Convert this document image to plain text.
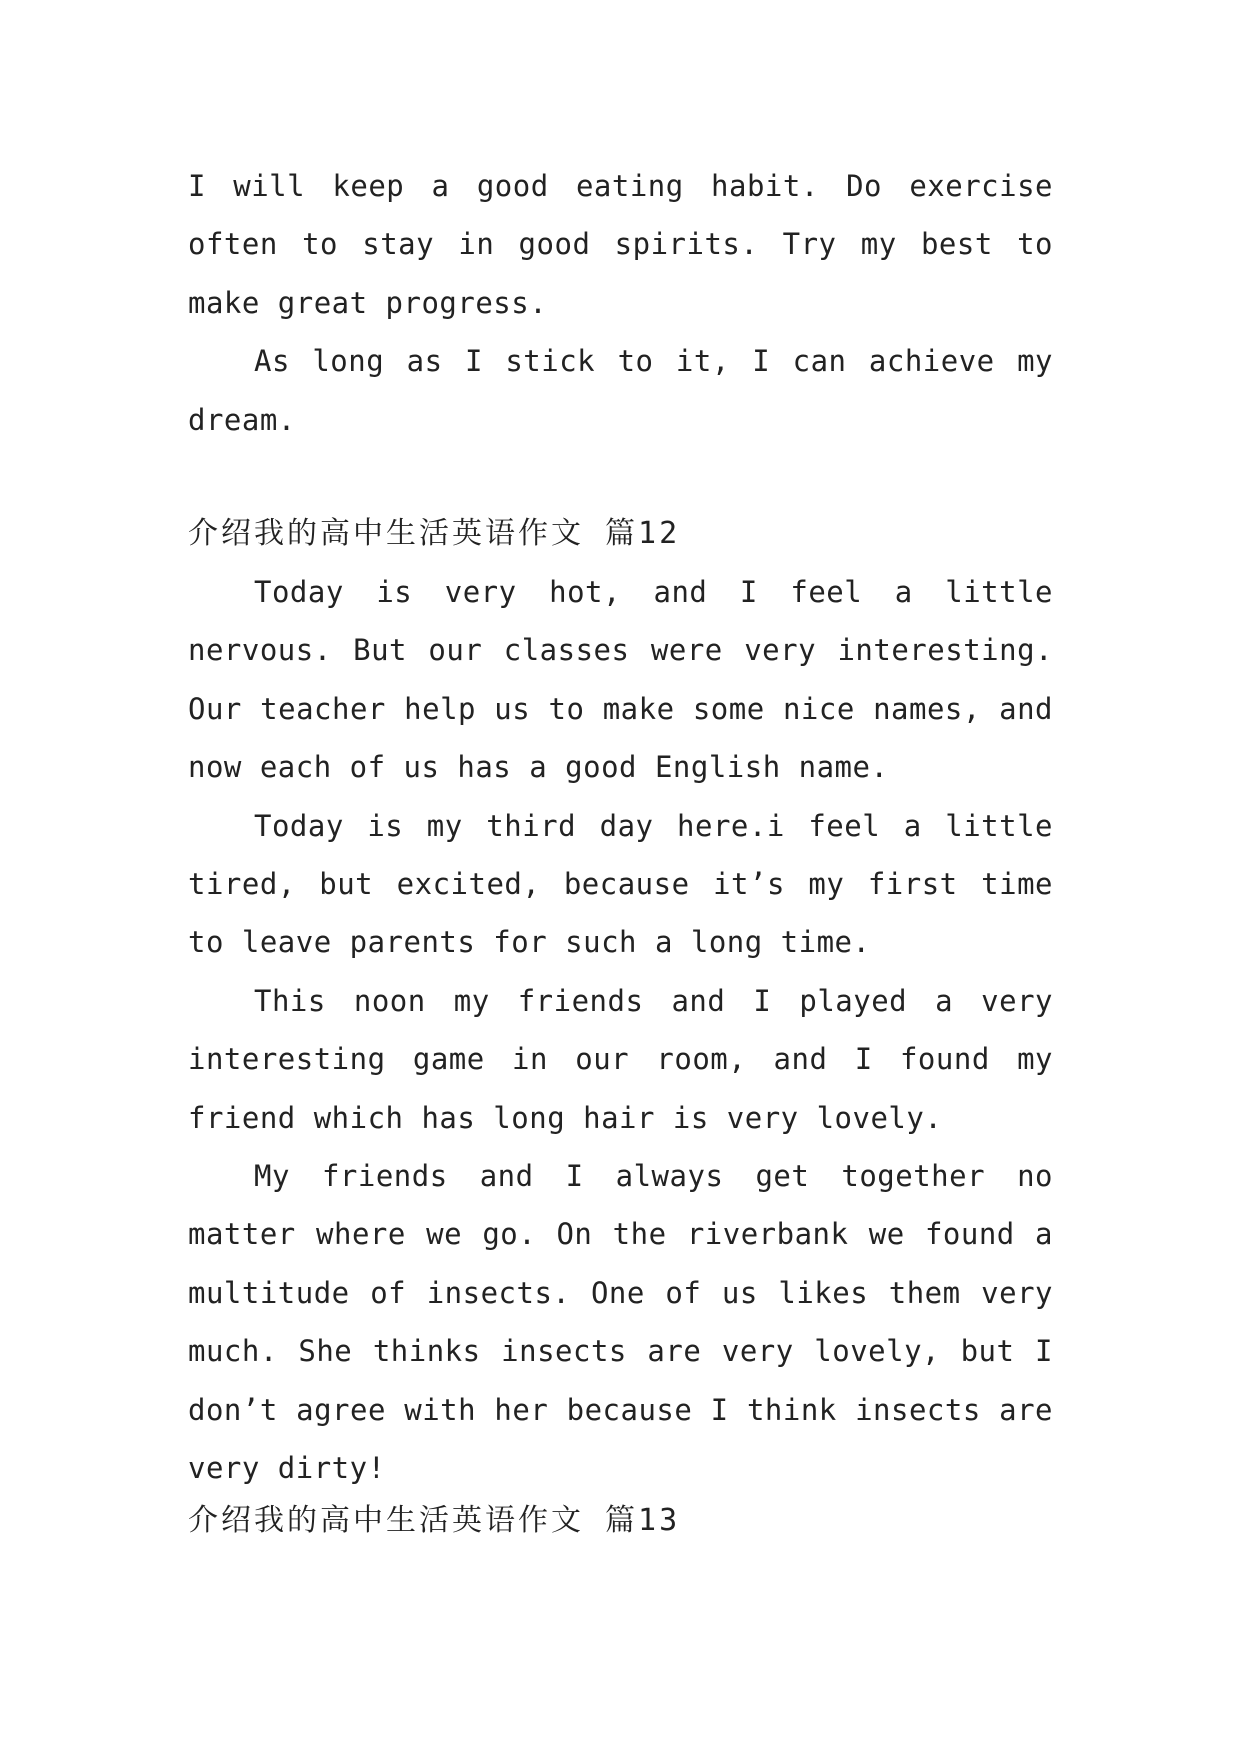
I will keep a good eating habit. Do exercise often to stay in good spirits. Try my best to make great progress.

As long as I stick to it, I can achieve my dream.

介绍我的高中生活英语作文 篇12

Today is very hot, and I feel a little nervous. But our classes were very interesting. Our teacher help us to make some nice names, and now each of us has a good English name.

Today is my third day here.i feel a little tired, but excited, because it’s my first time to leave parents for such a long time.

This noon my friends and I played a very interesting game in our room, and I found my friend which has long hair is very lovely.

My friends and I always get together no matter where we go. On the riverbank we found a multitude of insects. One of us likes them very much. She thinks insects are very lovely, but I don’t agree with her because I think insects are very dirty!

介绍我的高中生活英语作文 篇13
